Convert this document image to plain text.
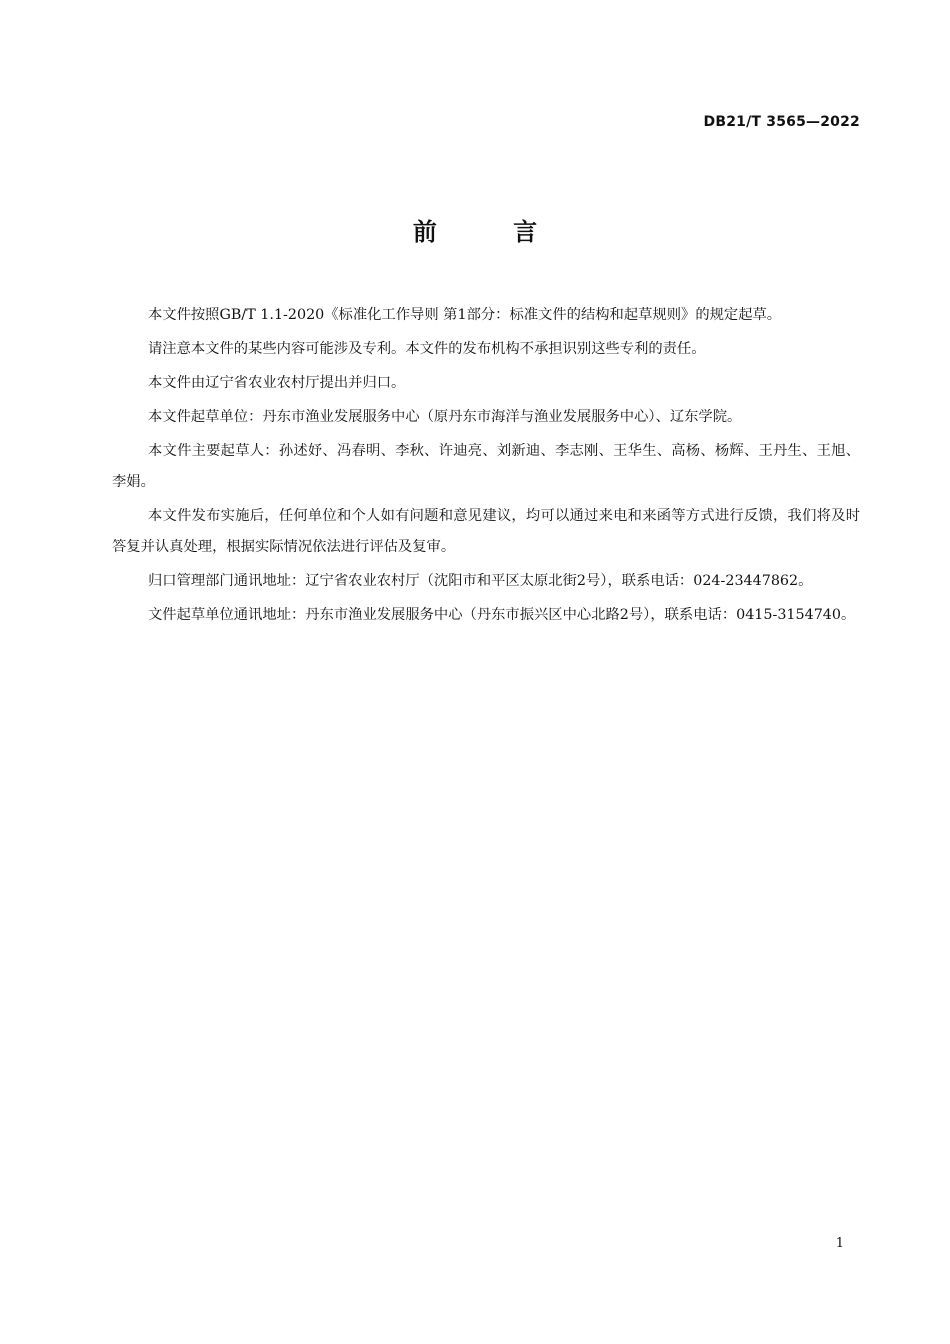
DB21/T 3565—2022
前 言

本文件按照GB/T 1.1-2020《标准化工作导则 第1部分：标准文件的结构和起草规则》的规定起草。

请注意本文件的某些内容可能涉及专利。本文件的发布机构不承担识别这些专利的责任。

本文件由辽宁省农业农村厅提出并归口。

本文件起草单位：丹东市渔业发展服务中心（原丹东市海洋与渔业发展服务中心）、辽东学院。

本文件主要起草人：孙述妤、冯春明、李秋、许迪亮、刘新迪、李志刚、王华生、高杨、杨辉、王丹生、王旭、李娟。

本文件发布实施后，任何单位和个人如有问题和意见建议，均可以通过来电和来函等方式进行反馈，我们将及时答复并认真处理，根据实际情况依法进行评估及复审。

归口管理部门通讯地址：辽宁省农业农村厅（沈阳市和平区太原北街2号），联系电话：024-23447862。

文件起草单位通讯地址：丹东市渔业发展服务中心（丹东市振兴区中心北路2号），联系电话：0415-3154740。

1
